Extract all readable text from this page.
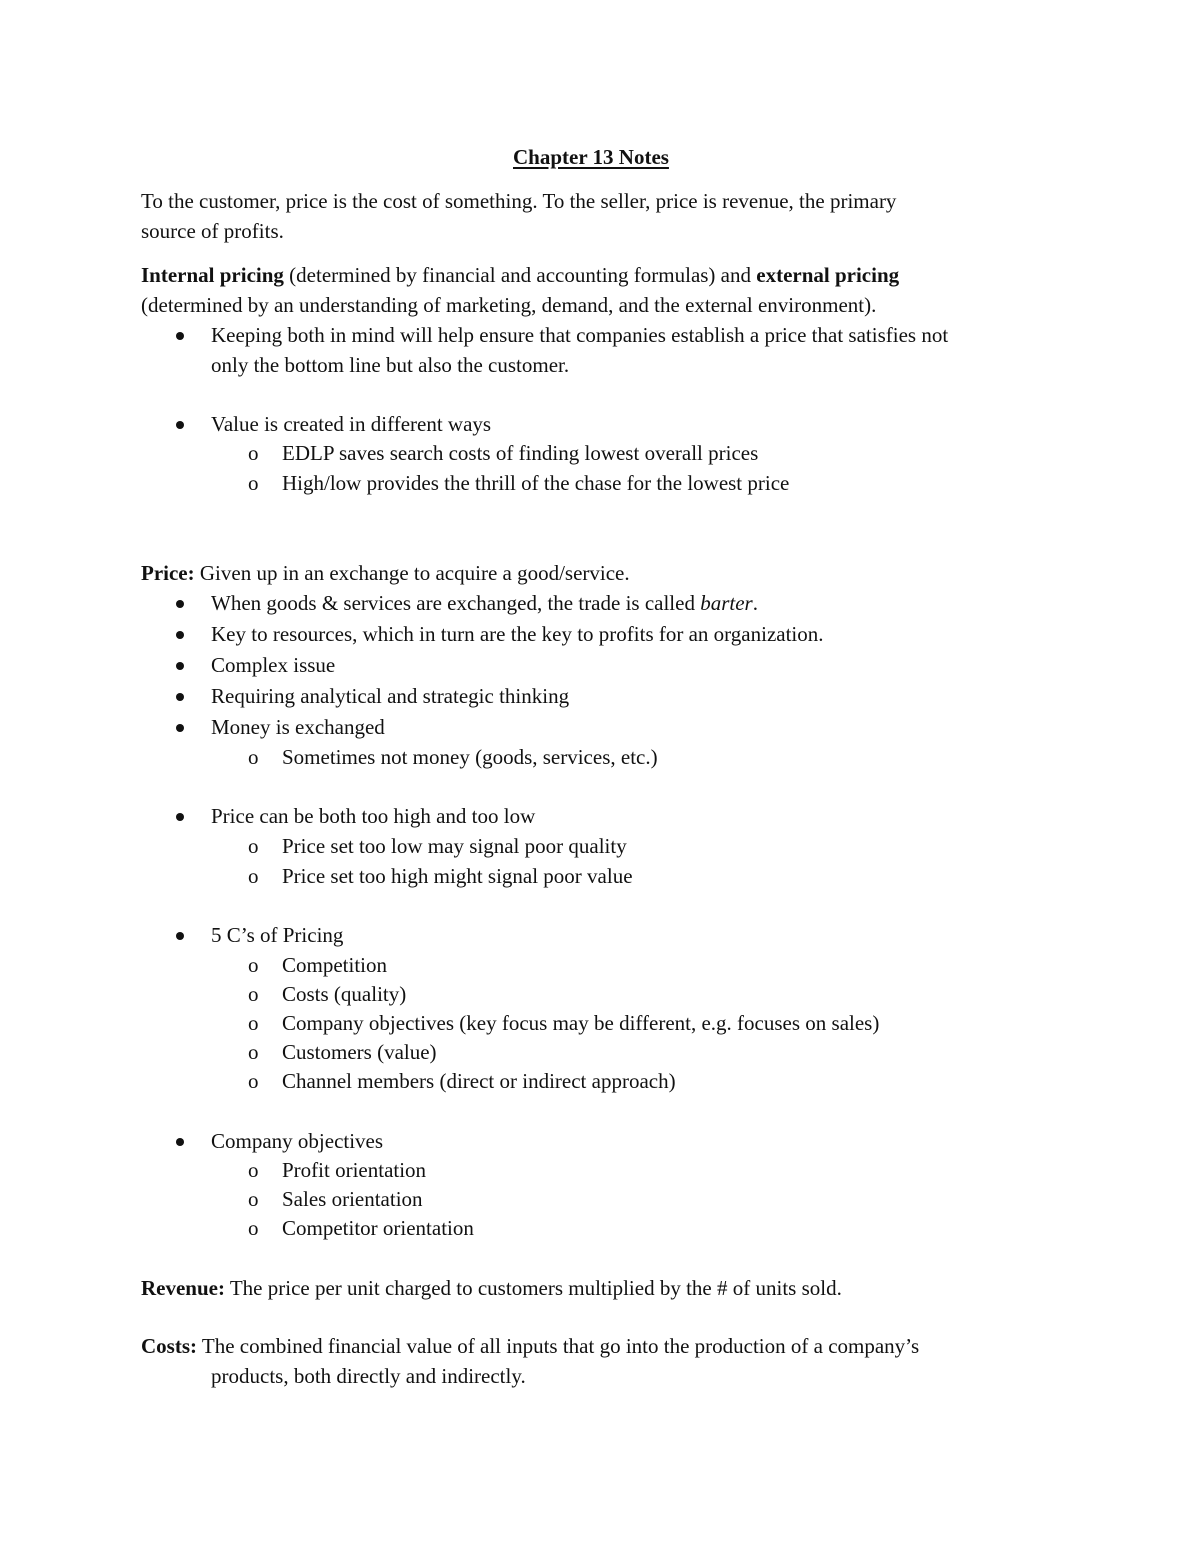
Chapter 13 Notes
To the customer, price is the cost of something. To the seller, price is revenue, the primary
source of profits.
Internal pricing (determined by financial and accounting formulas) and external pricing
(determined by an understanding of marketing, demand, and the external environment).
Keeping both in mind will help ensure that companies establish a price that satisfies not
only the bottom line but also the customer.
Value is created in different ways
o EDLP saves search costs of finding lowest overall prices
o High/low provides the thrill of the chase for the lowest price
Price: Given up in an exchange to acquire a good/service.
When goods & services are exchanged, the trade is called barter.
Key to resources, which in turn are the key to profits for an organization.
Complex issue
Requiring analytical and strategic thinking
Money is exchanged
o Sometimes not money (goods, services, etc.)
Price can be both too high and too low
o Price set too low may signal poor quality
o Price set too high might signal poor value
5 C’s of Pricing
o Competition
o Costs (quality)
o Company objectives (key focus may be different, e.g. focuses on sales)
o Customers (value)
o Channel members (direct or indirect approach)
Company objectives
o Profit orientation
o Sales orientation
o Competitor orientation
Revenue: The price per unit charged to customers multiplied by the # of units sold.
Costs: The combined financial value of all inputs that go into the production of a company’s
products, both directly and indirectly.
